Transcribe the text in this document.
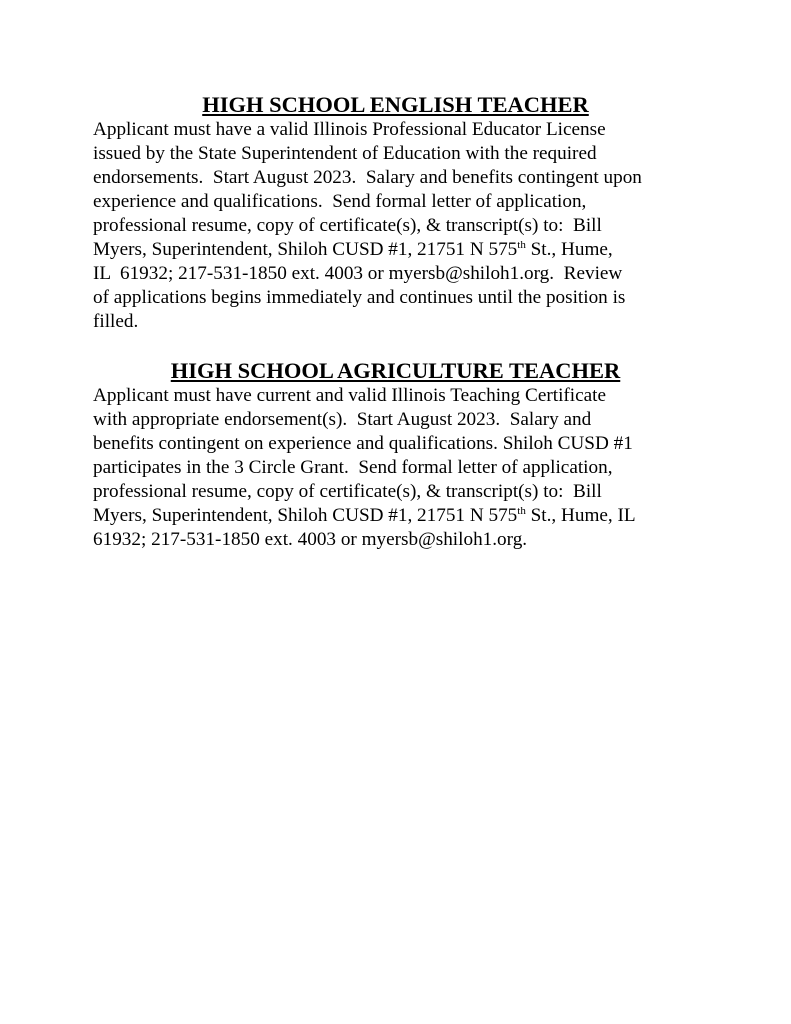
HIGH SCHOOL ENGLISH TEACHER
Applicant must have a valid Illinois Professional Educator License
issued by the State Superintendent of Education with the required
endorsements.  Start August 2023.  Salary and benefits contingent upon
experience and qualifications.  Send formal letter of application,
professional resume, copy of certificate(s), & transcript(s) to:  Bill
Myers, Superintendent, Shiloh CUSD #1, 21751 N 575th St., Hume,
IL  61932; 217-531-1850 ext. 4003 or myersb@shiloh1.org.  Review
of applications begins immediately and continues until the position is
filled.
HIGH SCHOOL AGRICULTURE TEACHER
Applicant must have current and valid Illinois Teaching Certificate
with appropriate endorsement(s).  Start August 2023.  Salary and
benefits contingent on experience and qualifications. Shiloh CUSD #1
participates in the 3 Circle Grant.  Send formal letter of application,
professional resume, copy of certificate(s), & transcript(s) to:  Bill
Myers, Superintendent, Shiloh CUSD #1, 21751 N 575th St., Hume, IL
61932; 217-531-1850 ext. 4003 or myersb@shiloh1.org.
